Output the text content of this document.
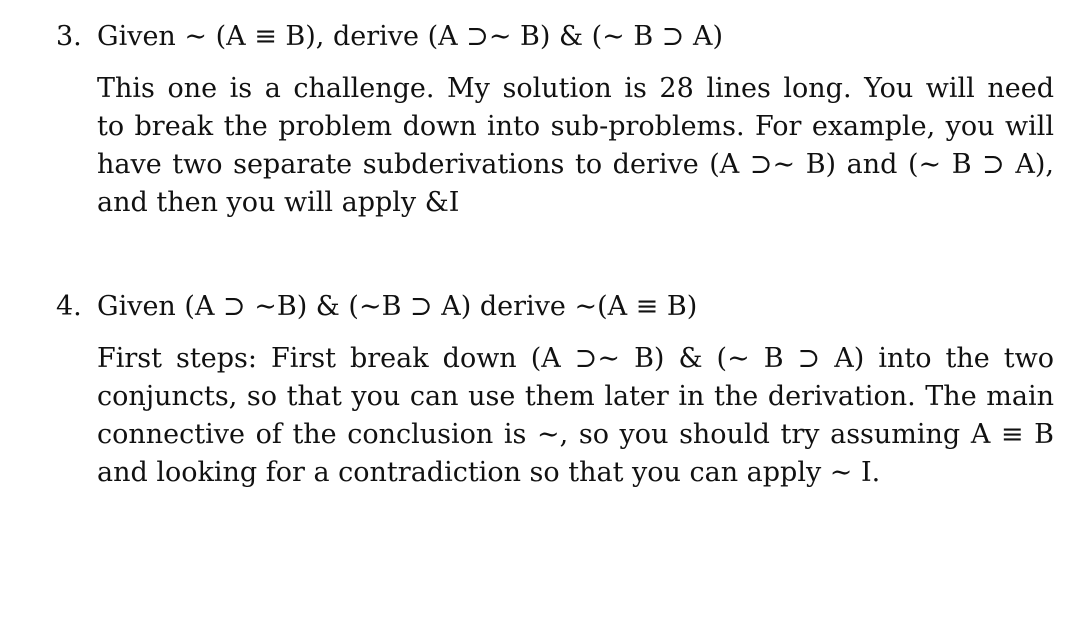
3. Given ∼ (A ≡ B), derive (A ⊃∼ B) & (∼ B ⊃ A)

This one is a challenge. My solution is 28 lines long. You will need
to break the problem down into sub-problems. For example, you will
have two separate subderivations to derive (A ⊃∼ B) and (∼ B ⊃ A),
and then you will apply &I

4. Given (A ⊃ ∼B) & (∼B ⊃ A) derive ∼(A ≡ B)

First steps: First break down (A ⊃∼ B) & (∼ B ⊃ A) into the two
conjuncts, so that you can use them later in the derivation. The main
connective of the conclusion is ∼, so you should try assuming A ≡ B
and looking for a contradiction so that you can apply ∼ I.
